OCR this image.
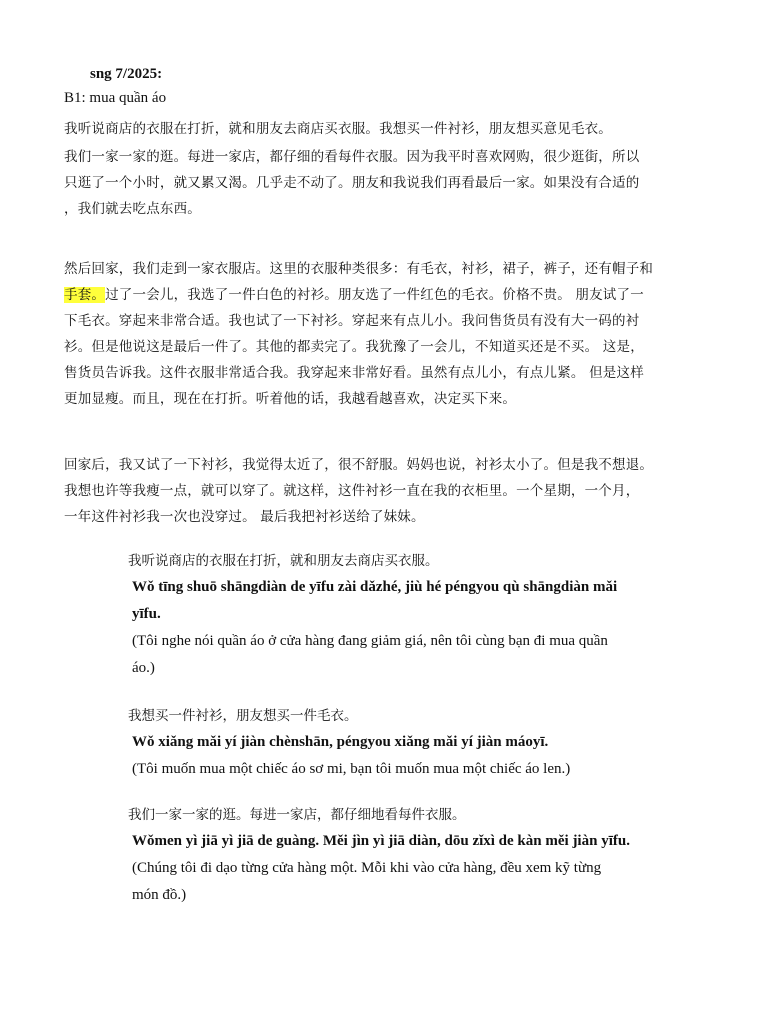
sng 7/2025:
B1: mua quần áo
我听说商店的衣服在打折，就和朋友去商店买衣服。我想买一件衬衫，朋友想买意见毛衣。
我们一家一家的逛。每进一家店，都仔细的看每件衣服。因为我平时喜欢网购，很少逛街，所以
只逛了一个小时，就又累又渴。几乎走不动了。朋友和我说我们再看最后一家。如果没有合适的
，我们就去吃点东西。
然后回家，我们走到一家衣服店。这里的衣服种类很多：有毛衣，衬衫，裙子，裤子，还有帽子和
手套。过了一会儿，我选了一件白色的衬衫。朋友选了一件红色的毛衣。价格不贵。 朋友试了一
下毛衣。穿起来非常合适。我也试了一下衬衫。穿起来有点儿小。我问售货员有没有大一码的衬
衫。但是他说这是最后一件了。其他的都卖完了。我犹豫了一会儿，不知道买还是不买。 这是，
售货员告诉我。这件衣服非常适合我。我穿起来非常好看。虽然有点儿小，有点儿紧。 但是这样
更加显瘦。而且，现在在打折。听着他的话，我越看越喜欢，决定买下来。
回家后，我又试了一下衬衫，我觉得太近了，很不舒服。妈妈也说，衬衫太小了。但是我不想退。
我想也许等我瘦一点，就可以穿了。就这样，这件衬衫一直在我的衣柜里。一个星期，一个月，
一年这件衬衫我一次也没穿过。 最后我把衬衫送给了妹妹。
我听说商店的衣服在打折，就和朋友去商店买衣服。
Wǒ tīng shuō shāngdiàn de yīfu zài dǎzhé, jiù hé péngyou qù shāngdiàn mǎi
yīfu.
(Tôi nghe nói quần áo ở cửa hàng đang giảm giá, nên tôi cùng bạn đi mua quần
áo.)
我想买一件衬衫，朋友想买一件毛衣。
Wǒ xiǎng mǎi yí jiàn chènshān, péngyou xiǎng mǎi yí jiàn máoyī.
(Tôi muốn mua một chiếc áo sơ mi, bạn tôi muốn mua một chiếc áo len.)
我们一家一家的逛。每进一家店，都仔细地看每件衣服。
Wǒmen yì jiā yì jiā de guàng. Měi jìn yì jiā diàn, dōu zǐxì de kàn měi jiàn yīfu.
(Chúng tôi đi dạo từng cửa hàng một. Mỗi khi vào cửa hàng, đều xem kỹ từng
món đồ.)
